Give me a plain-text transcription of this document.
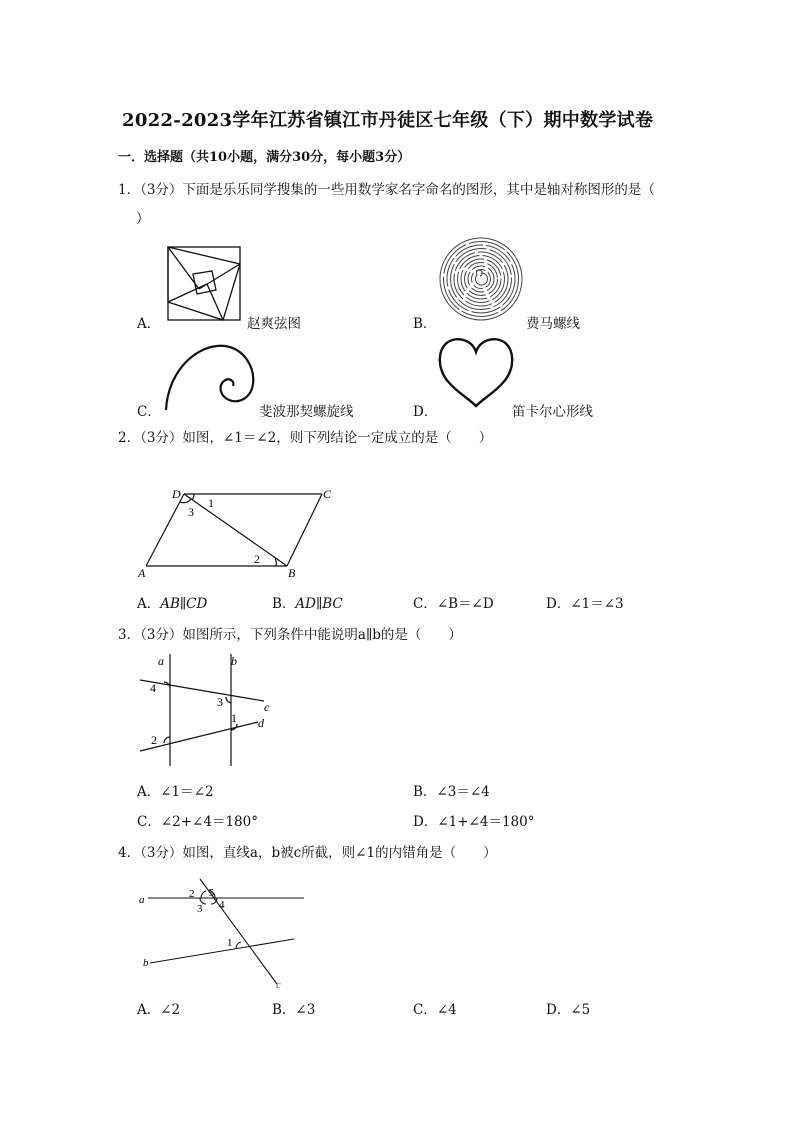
2022-2023学年江苏省镇江市丹徒区七年级（下）期中数学试卷
一．选择题（共10小题，满分30分，每小题3分）
1．（3分）下面是乐乐同学搜集的一些用数学家名字命名的图形，其中是轴对称图形的是（
）
A．	赵爽弦图	B．	费马螺线
C．	斐波那契螺旋线	D．	笛卡尔心形线
2．（3分）如图，∠1＝∠2，则下列结论一定成立的是（　　）
D	C
A	B
1
3
2
A．AB∥CD	B．AD∥BC	C．∠B＝∠D	D．∠1＝∠3
3．（3分）如图所示，下列条件中能说明a∥b的是（　　）
a	b
c
d
4
3
1
2
A．∠1＝∠2	B．∠3＝∠4
C．∠2+∠4＝180°	D．∠1+∠4＝180°
4．（3分）如图，直线a，b被c所截，则∠1的内错角是（　　）
a
b
c
2 5
3 4
1
A．∠2	B．∠3	C．∠4	D．∠5
